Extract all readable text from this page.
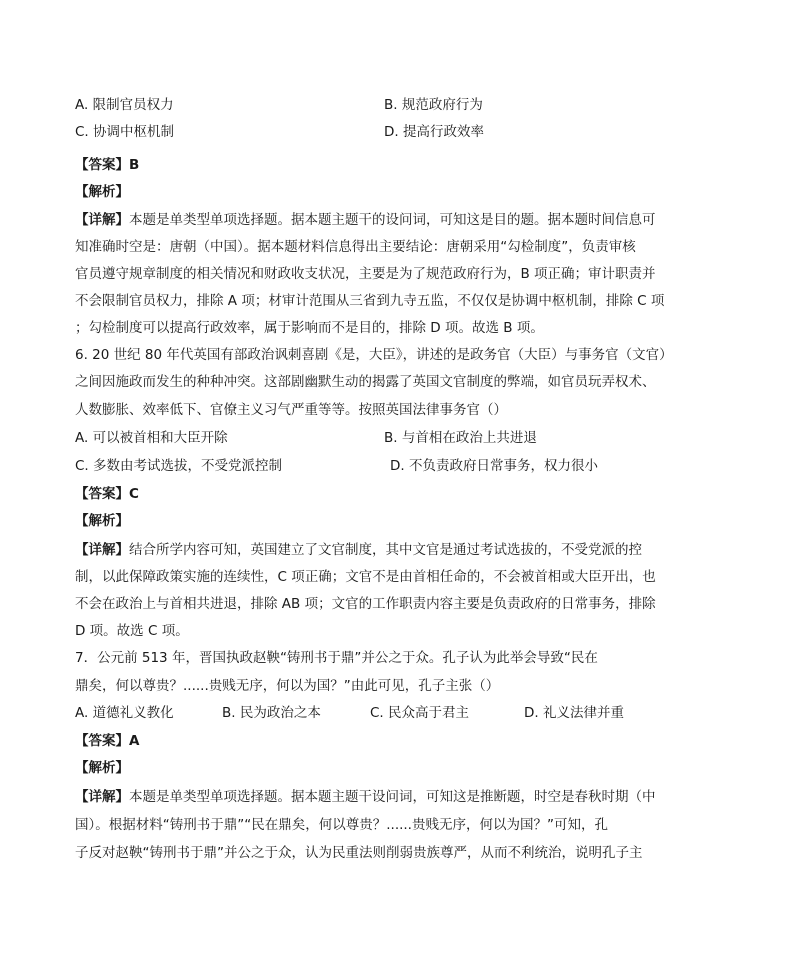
A. 限制官员权力	B. 规范政府行为
C. 协调中枢机制	D. 提高行政效率
【答案】B
【解析】
【详解】本题是单类型单项选择题。据本题主题干的设问词，可知这是目的题。据本题时间信息可
知准确时空是：唐朝（中国）。据本题材料信息得出主要结论：唐朝采用“勾检制度”，负责审核
官员遵守规章制度的相关情况和财政收支状况，主要是为了规范政府行为，B 项正确；审计职责并
不会限制官员权力，排除 A 项；材审计范围从三省到九寺五监，不仅仅是协调中枢机制，排除 C 项
；勾检制度可以提高行政效率，属于影响而不是目的，排除 D 项。故选 B 项。
6. 20 世纪 80 年代英国有部政治讽刺喜剧《是，大臣》，讲述的是政务官（大臣）与事务官（文官）
之间因施政而发生的种种冲突。这部剧幽默生动的揭露了英国文官制度的弊端，如官员玩弄权术、
人数膨胀、效率低下、官僚主义习气严重等等。按照英国法律事务官（）
A. 可以被首相和大臣开除	B. 与首相在政治上共进退
C. 多数由考试选拔，不受党派控制	D. 不负责政府日常事务，权力很小
【答案】C
【解析】
【详解】结合所学内容可知，英国建立了文官制度，其中文官是通过考试选拔的，不受党派的控
制，以此保障政策实施的连续性，C 项正确；文官不是由首相任命的，不会被首相或大臣开出，也
不会在政治上与首相共进退，排除 AB 项；文官的工作职责内容主要是负责政府的日常事务，排除
D 项。故选 C 项。
7．公元前 513 年，晋国执政赵鞅“铸刑书于鼎”并公之于众。孔子认为此举会导致“民在
鼎矣，何以尊贵？......贵贱无序，何以为国？”由此可见，孔子主张（）
A. 道德礼义教化	B. 民为政治之本	C. 民众高于君主	D. 礼义法律并重
【答案】A
【解析】
【详解】本题是单类型单项选择题。据本题主题干设问词，可知这是推断题，时空是春秋时期（中
国）。根据材料“铸刑书于鼎”“民在鼎矣，何以尊贵？......贵贱无序，何以为国？”可知，孔
子反对赵鞅“铸刑书于鼎”并公之于众，认为民重法则削弱贵族尊严，从而不利统治，说明孔子主
